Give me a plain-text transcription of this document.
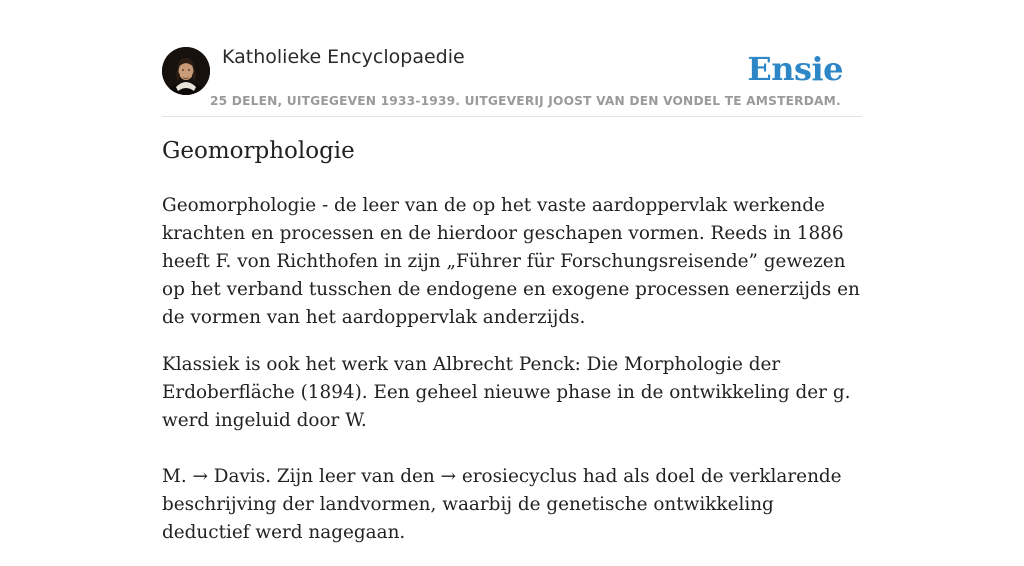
Katholieke Encyclopaedie
25 DELEN, UITGEGEVEN 1933-1939. UITGEVERIJ JOOST VAN DEN VONDEL TE AMSTERDAM.
Ensie
Geomorphologie

Geomorphologie - de leer van de op het vaste aardoppervlak werkende krachten en processen en de hierdoor geschapen vormen. Reeds in 1886 heeft F. von Richthofen in zijn „Führer für Forschungsreisende” gewezen op het verband tusschen de endogene en exogene processen eenerzijds en de vormen van het aardoppervlak anderzijds.

Klassiek is ook het werk van Albrecht Penck: Die Morphologie der Erdoberfläche (1894). Een geheel nieuwe phase in de ontwikkeling der g. werd ingeluid door W.

M. → Davis. Zijn leer van den → erosiecyclus had als doel de verklarende beschrijving der landvormen, waarbij de genetische ontwikkeling deductief werd nagegaan.
